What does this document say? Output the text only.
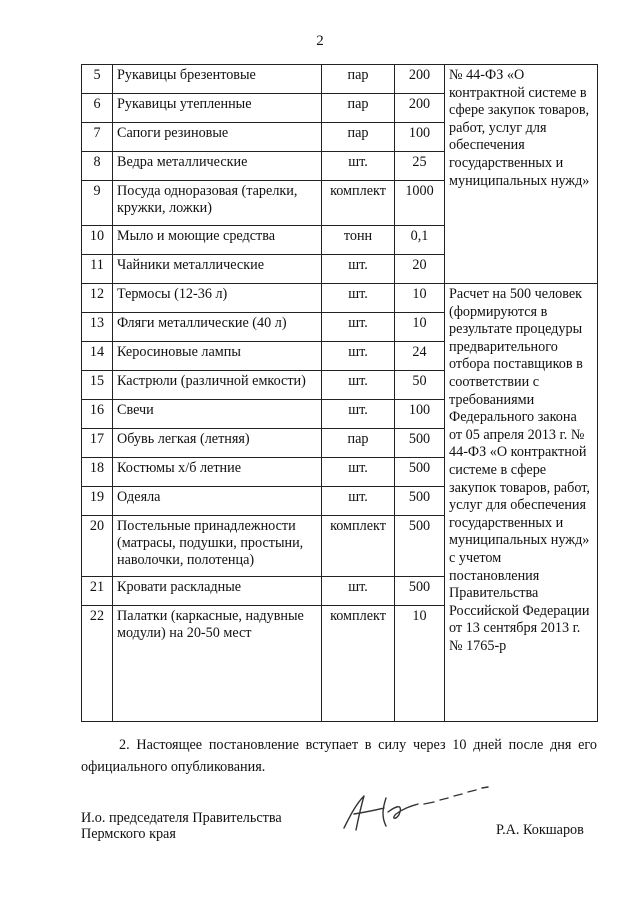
2
5	Рукавицы брезентовые	пар	200	№ 44-ФЗ «О контрактной системе в сфере закупок товаров, работ, услуг для обеспечения государственных и муниципальных нужд»
6	Рукавицы утепленные	пар	200	
7	Сапоги резиновые	пар	100	
8	Ведра металлические	шт.	25	
9	Посуда одноразовая (тарелки, кружки, ложки)	комплект	1000	
10	Мыло и моющие средства	тонн	0,1	
11	Чайники металлические	шт.	20	
12	Термосы (12-36 л)	шт.	10	Расчет на 500 человек (формируются в результате процедуры предварительного отбора поставщиков в соответствии с требованиями Федерального закона от 05 апреля 2013 г. № 44-ФЗ «О контрактной системе в сфере закупок товаров, работ, услуг для обеспечения государственных и муниципальных нужд» с учетом постановления Правительства Российской Федерации от 13 сентября 2013 г. № 1765-р
13	Фляги металлические (40 л)	шт.	10	
14	Керосиновые лампы	шт.	24	
15	Кастрюли (различной емкости)	шт.	50	
16	Свечи	шт.	100	
17	Обувь легкая (летняя)	пар	500	
18	Костюмы х/б летние	шт.	500	
19	Одеяла	шт.	500	
20	Постельные принадлежности (матрасы, подушки, простыни, наволочки, полотенца)	комплект	500	
21	Кровати раскладные	шт.	500	
22	Палатки (каркасные, надувные модули) на 20-50 мест	комплект	10	
2. Настоящее постановление вступает в силу через 10 дней после дня его официального опубликования.
И.о. председателя Правительства
Пермского края	Р.А. Кокшаров
